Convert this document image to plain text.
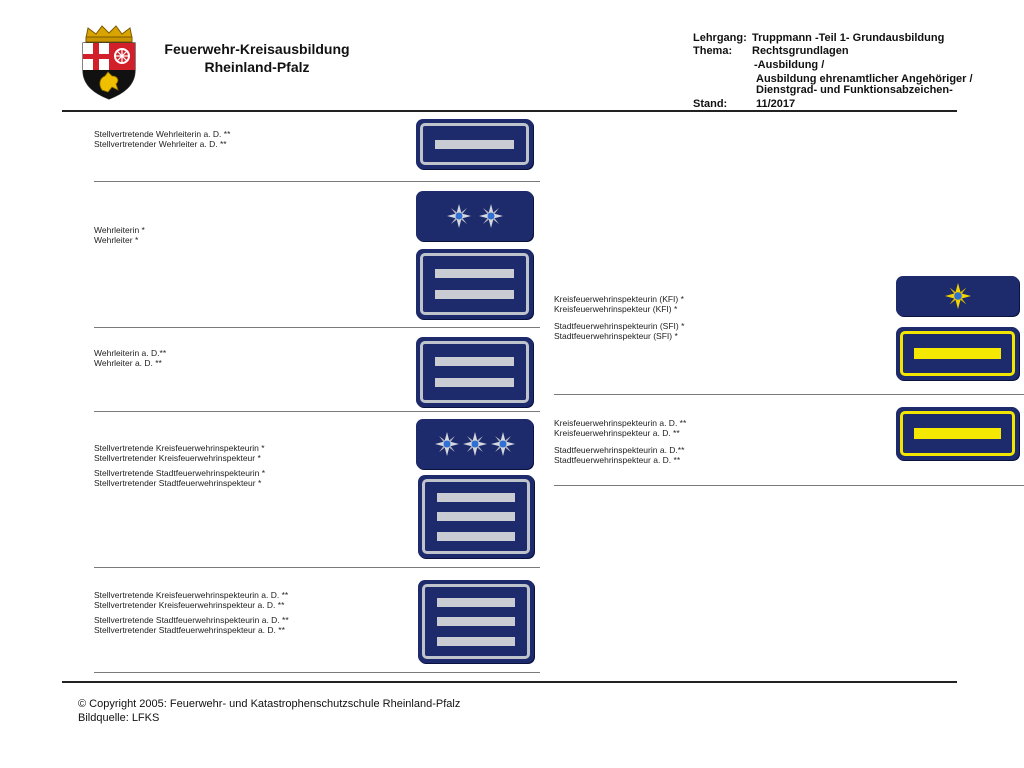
Feuerwehr-Kreisausbildung
Rheinland-Pfalz
Lehrgang: Truppmann -Teil 1- Grundausbildung
Thema: Rechtsgrundlagen
-Ausbildung /
Ausbildung ehrenamtlicher Angehöriger /
Dienstgrad- und Funktionsabzeichen-
Stand:	11/2017
Stellvertretende Wehrleiterin a. D. **
Stellvertretender Wehrleiter a. D. **
Wehrleiterin *
Wehrleiter *
Wehrleiterin a. D.**
Wehrleiter a. D. **
Stellvertretende Kreisfeuerwehrinspekteurin *
Stellvertretender Kreisfeuerwehrinspekteur *
Stellvertretende Stadtfeuerwehrinspekteurin *
Stellvertretender Stadtfeuerwehrinspekteur *
Stellvertretende Kreisfeuerwehrinspekteurin a. D. **
Stellvertretender Kreisfeuerwehrinspekteur a. D. **
Stellvertretende Stadtfeuerwehrinspekteurin a. D. **
Stellvertretender Stadtfeuerwehrinspekteur a. D. **
Kreisfeuerwehrinspekteurin (KFI) *
Kreisfeuerwehrinspekteur (KFI) *
Stadtfeuerwehrinspekteurin (SFI) *
Stadtfeuerwehrinspekteur (SFI) *
Kreisfeuerwehrinspekteurin a. D. **
Kreisfeuerwehrinspekteur a. D. **
Stadtfeuerwehrinspekteurin a. D.**
Stadtfeuerwehrinspekteur a. D. **
© Copyright 2005: Feuerwehr- und Katastrophenschutzschule Rheinland-Pfalz
Bildquelle: LFKS
